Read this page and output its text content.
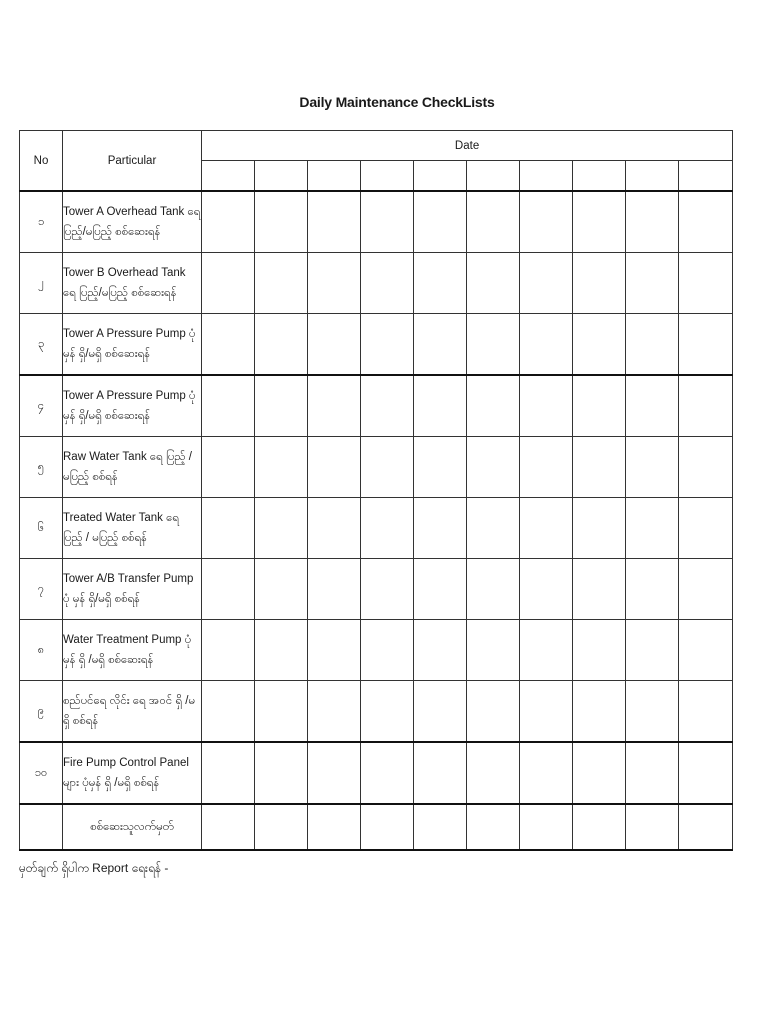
Daily Maintenance CheckLists
No	Particular	Date									

၁	Tower A Overhead Tank ရေ ပြည့်/မပြည့် စစ်ဆေးရန်										
၂	Tower B Overhead Tank ရေ ပြည့်/မပြည့် စစ်ဆေးရန်										
၃	Tower A Pressure Pump ပုံမှန် ရှိ/မရှိ စစ်ဆေးရန်										
၄	Tower A Pressure Pump ပုံမှန် ရှိ/မရှိ စစ်ဆေးရန်										
၅	Raw Water Tank ရေ ပြည့် / မပြည့် စစ်ရန်										
၆	Treated Water Tank ရေ ပြည့် / မပြည့် စစ်ရန်										
၇	Tower A/B Transfer Pump ပုံ မှန် ရှိ/မရှိ စစ်ရန်										
၈	Water Treatment Pump ပုံမှန် ရှိ /မရှိ စစ်ဆေးရန်										
၉	စည်ပင်ရေ လိုင်း ရေ အဝင် ရှိ /မရှိ စစ်ရန်										
၁၀	Fire Pump Control Panel များ ပုံမှန် ရှိ /မရှိ စစ်ရန်										
	စစ်ဆေးသူလက်မှတ်										
မှတ်ချက် ရှိပါက Report ရေးရန် -
